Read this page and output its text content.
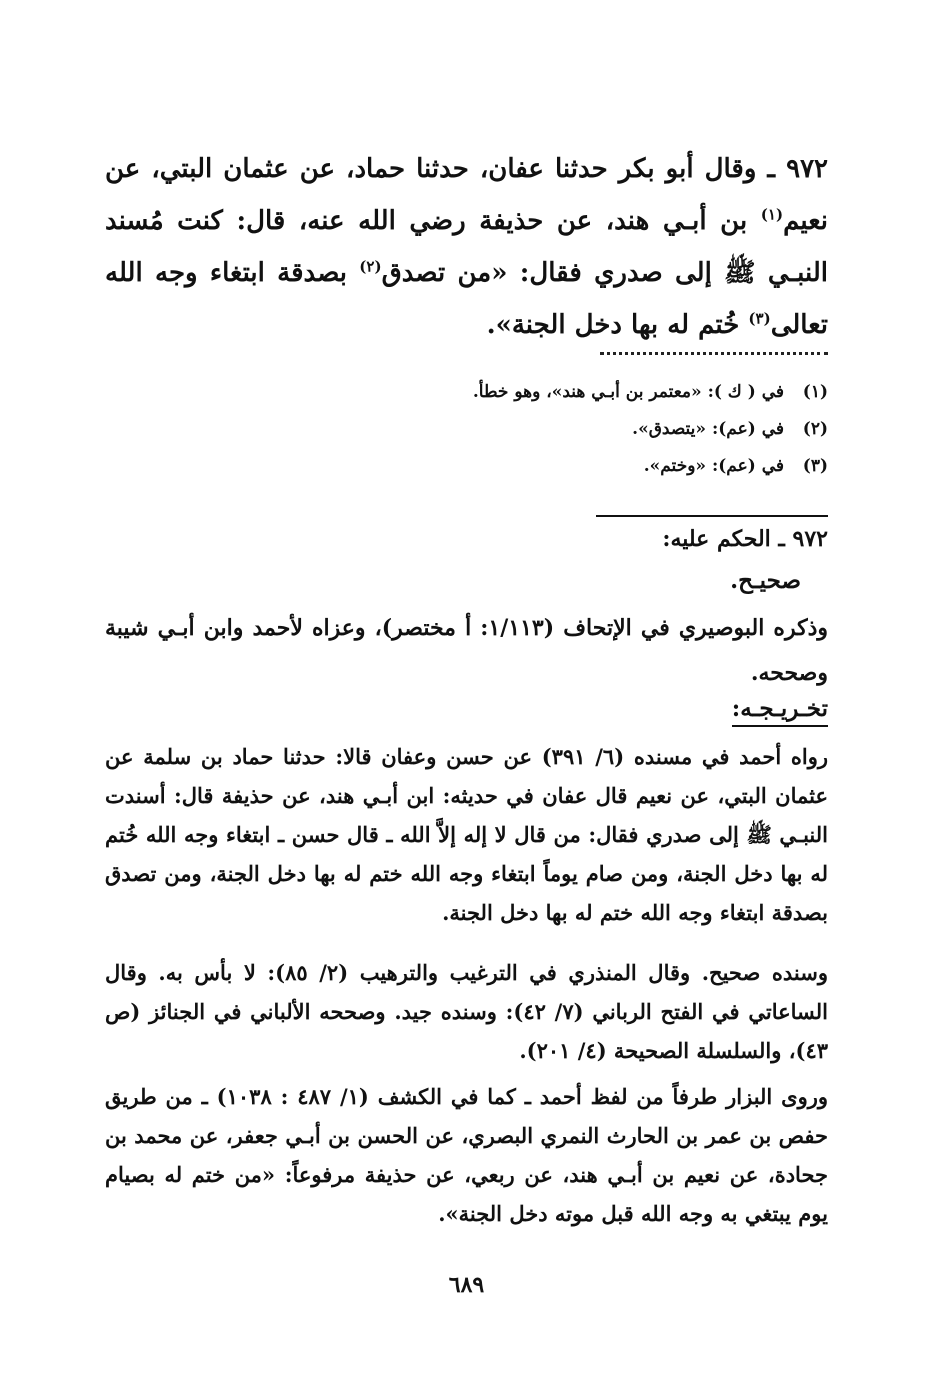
٩٧٢ ـ وقال أبو بكر حدثنا عفان، حدثنا حماد، عن عثمان البتي، عن نعيم$^{(١)}$ بن أبـي هند، عن حذيفة رضي الله عنه، قال: كنت مُسند النبـي ﷺ إلى صدري فقال: «من تصدق$^{(٢)}$ بصدقة ابتغاء وجه الله تعالى$^{(٣)}$ خُتم له بها دخل الجنة».
(١)في ( ك ): «معتمر بن أبـي هند»، وهو خطأ.
(٢)في (عم): «يتصدق».
(٣)في (عم): «وختم».
٩٧٢ ـ الحكم عليه:
صحيـح.
وذكره البوصيري في الإتحاف (١/١١٣: أ مختصر)، وعزاه لأحمد وابن أبـي شيبة وصححه.
تخـريـجـه:
رواه أحمد في مسنده (٦/ ٣٩١) عن حسن وعفان قالا: حدثنا حماد بن سلمة عن عثمان البتي، عن نعيم قال عفان في حديثه: ابن أبـي هند، عن حذيفة قال: أسندت النبـي ﷺ إلى صدري فقال: من قال لا إله إلاَّ الله ـ قال حسن ـ ابتغاء وجه الله خُتم له بها دخل الجنة، ومن صام يوماً ابتغاء وجه الله ختم له بها دخل الجنة، ومن تصدق بصدقة ابتغاء وجه الله ختم له بها دخل الجنة.
وسنده صحيح. وقال المنذري في الترغيب والترهيب (٢/ ٨٥): لا بأس به. وقال الساعاتي في الفتح الرباني (٧/ ٤٢): وسنده جيد. وصححه الألباني في الجنائز (ص ٤٣)، والسلسلة الصحيحة (٤/ ٢٠١).
وروى البزار طرفاً من لفظ أحمد ـ كما في الكشف (١/ ٤٨٧ : ١٠٣٨) ـ من طريق حفص بن عمر بن الحارث النمري البصري، عن الحسن بن أبـي جعفر، عن محمد بن جحادة، عن نعيم بن أبـي هند، عن ربعي، عن حذيفة مرفوعاً: «من ختم له بصيام يوم يبتغي به وجه الله قبل موته دخل الجنة».
٦٨٩
